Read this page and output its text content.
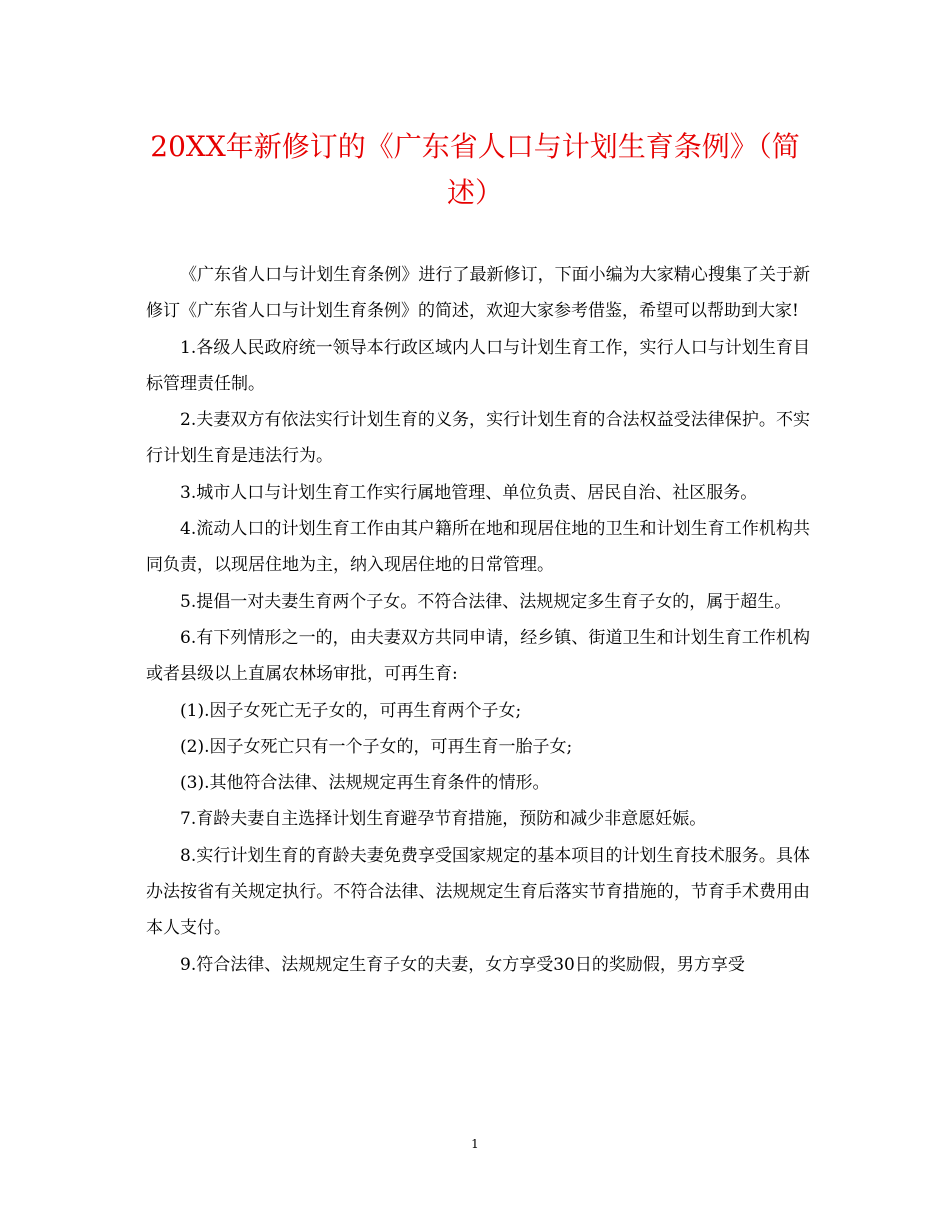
20XX年新修订的《广东省人口与计划生育条例》（简述）

《广东省人口与计划生育条例》进行了最新修订，下面小编为大家精心搜集了关于新修订《广东省人口与计划生育条例》的简述，欢迎大家参考借鉴，希望可以帮助到大家!

1.各级人民政府统一领导本行政区域内人口与计划生育工作，实行人口与计划生育目标管理责任制。

2.夫妻双方有依法实行计划生育的义务，实行计划生育的合法权益受法律保护。不实行计划生育是违法行为。

3.城市人口与计划生育工作实行属地管理、单位负责、居民自治、社区服务。

4.流动人口的计划生育工作由其户籍所在地和现居住地的卫生和计划生育工作机构共同负责，以现居住地为主，纳入现居住地的日常管理。

5.提倡一对夫妻生育两个子女。不符合法律、法规规定多生育子女的，属于超生。

6.有下列情形之一的，由夫妻双方共同申请，经乡镇、街道卫生和计划生育工作机构或者县级以上直属农林场审批，可再生育:

(1).因子女死亡无子女的，可再生育两个子女;

(2).因子女死亡只有一个子女的，可再生育一胎子女;

(3).其他符合法律、法规规定再生育条件的情形。

7.育龄夫妻自主选择计划生育避孕节育措施，预防和减少非意愿妊娠。

8.实行计划生育的育龄夫妻免费享受国家规定的基本项目的计划生育技术服务。具体办法按省有关规定执行。不符合法律、法规规定生育后落实节育措施的，节育手术费用由本人支付。

9.符合法律、法规规定生育子女的夫妻，女方享受30日的奖励假，男方享受

1
